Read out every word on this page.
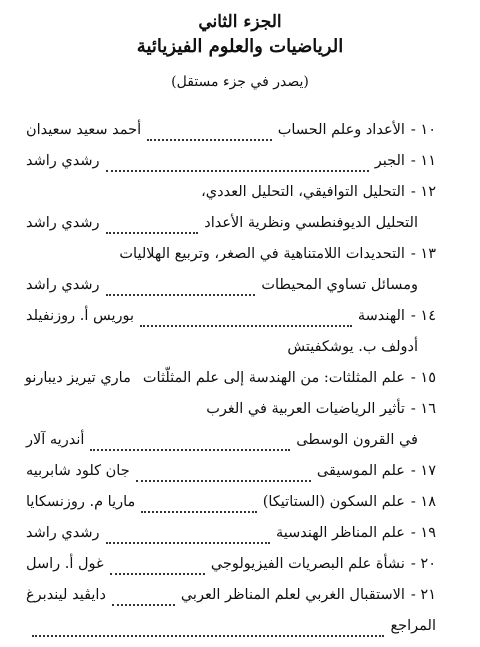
الجزء الثاني
الرياضيات والعلوم الفيزيائية
(يصدر في جزء مستقل)
١٠ -
الأعداد وعلم الحساب
أحمد سعيد سعيدان
١١ -
الجبر
رشدي راشد
١٢ -
التحليل التوافيقي، التحليل العددي،
التحليل الديوفنطسي ونظرية الأعداد
رشدي راشد
١٣ -
التحديدات اللامتناهية في الصغر، وتربيع الهلاليات
ومسائل تساوي المحيطات
رشدي راشد
١٤ -
الهندسة
بوريس أ. روزنفيلد
أدولف ب. يوشكفيتش
١٥ -
علم المثلثات: من الهندسة إلى علم المثلّثات
ماري تيريز ديبارنو
١٦ -
تأثير الرياضيات العربية في الغرب
في القرون الوسطى
أندريه آلار
١٧ -
علم الموسيقى
جان كلود شابربيه
١٨ -
علم السكون (الستاتيكا)
ماريا م. روزنسكايا
١٩ -
علم المناظر الهندسية
رشدي راشد
٢٠ -
نشأة علم البصريات الفيزيولوجي
غول أ. راسل
٢١ -
الاستقبال الغربي لعلم المناظر العربي
دايڤيد ليندبرغ
المراجع
